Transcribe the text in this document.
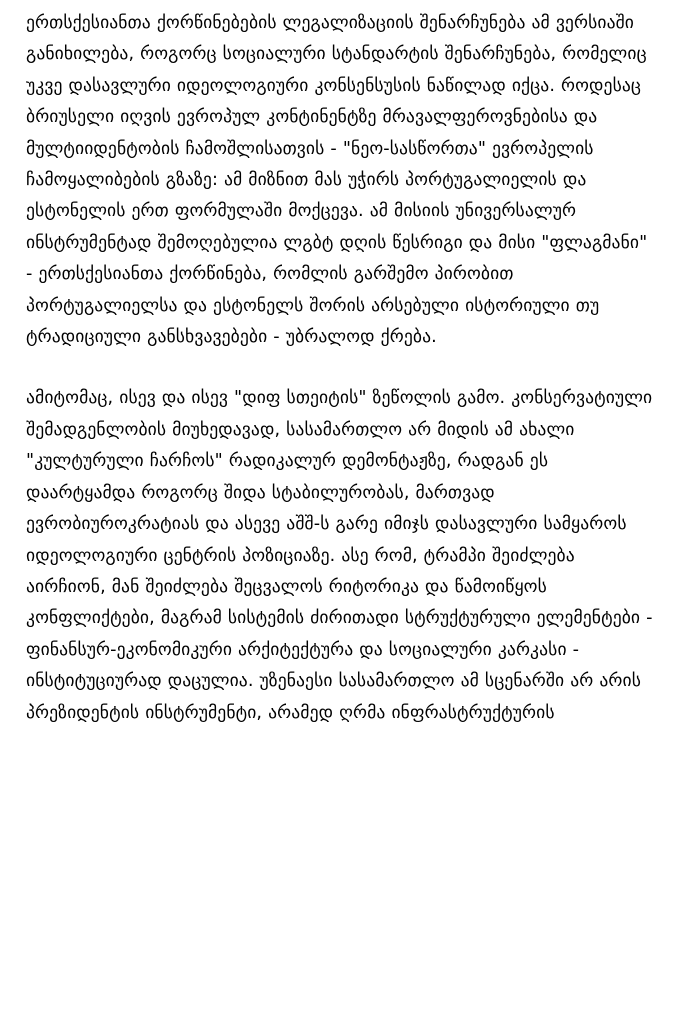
ერთსქესიანთა ქორწინებების ლეგალიზაციის შენარჩუნება ამ ვერსიაში განიხილება, როგორც სოციალური სტანდარტის შენარჩუნება, რომელიც უკვე დასავლური იდეოლოგიური კონსენსუსის ნაწილად იქცა. როდესაც ბრიუსელი იღვის ევროპულ კონტინენტზე მრავალფეროვნებისა და მულტიიდენტობის ჩამოშლისათვის - "ნეო-სასწორთა" ევროპელის ჩამოყალიბების გზაზე: ამ მიზნით მას უჭირს პორტუგალიელის და ესტონელის ერთ ფორმულაში მოქცევა. ამ მისიის უნივერსალურ ინსტრუმენტად შემოღებულია ლგბტ დღის წესრიგი და მისი "ფლაგმანი" - ერთსქესიანთა ქორწინება, რომლის გარშემო პირობით პორტუგალიელსა და ესტონელს შორის არსებული ისტორიული თუ ტრადიციული განსხვავებები - უბრალოდ ქრება.

ამიტომაც, ისევ და ისევ "დიფ სთეიტის" ზეწოლის გამო. კონსერვატიული შემადგენლობის მიუხედავად, სასამართლო არ მიდის ამ ახალი "კულტურული ჩარჩოს" რადიკალურ დემონტაჟზე, რადგან ეს დაარტყამდა როგორც შიდა სტაბილურობას, მართვად ევრობიუროკრატიას და ასევე აშშ-ს გარე იმიჯს დასავლური სამყაროს იდეოლოგიური ცენტრის პოზიციაზე. ასე რომ, ტრამპი შეიძლება აირჩიონ, მან შეიძლება შეცვალოს რიტორიკა და წამოიწყოს კონფლიქტები, მაგრამ სისტემის ძირითადი სტრუქტურული ელემენტები - ფინანსურ-ეკონომიკური არქიტექტურა და სოციალური კარკასი - ინსტიტუციურად დაცულია. უზენაესი სასამართლო ამ სცენარში არ არის პრეზიდენტის ინსტრუმენტი, არამედ ღრმა ინფრასტრუქტურის
